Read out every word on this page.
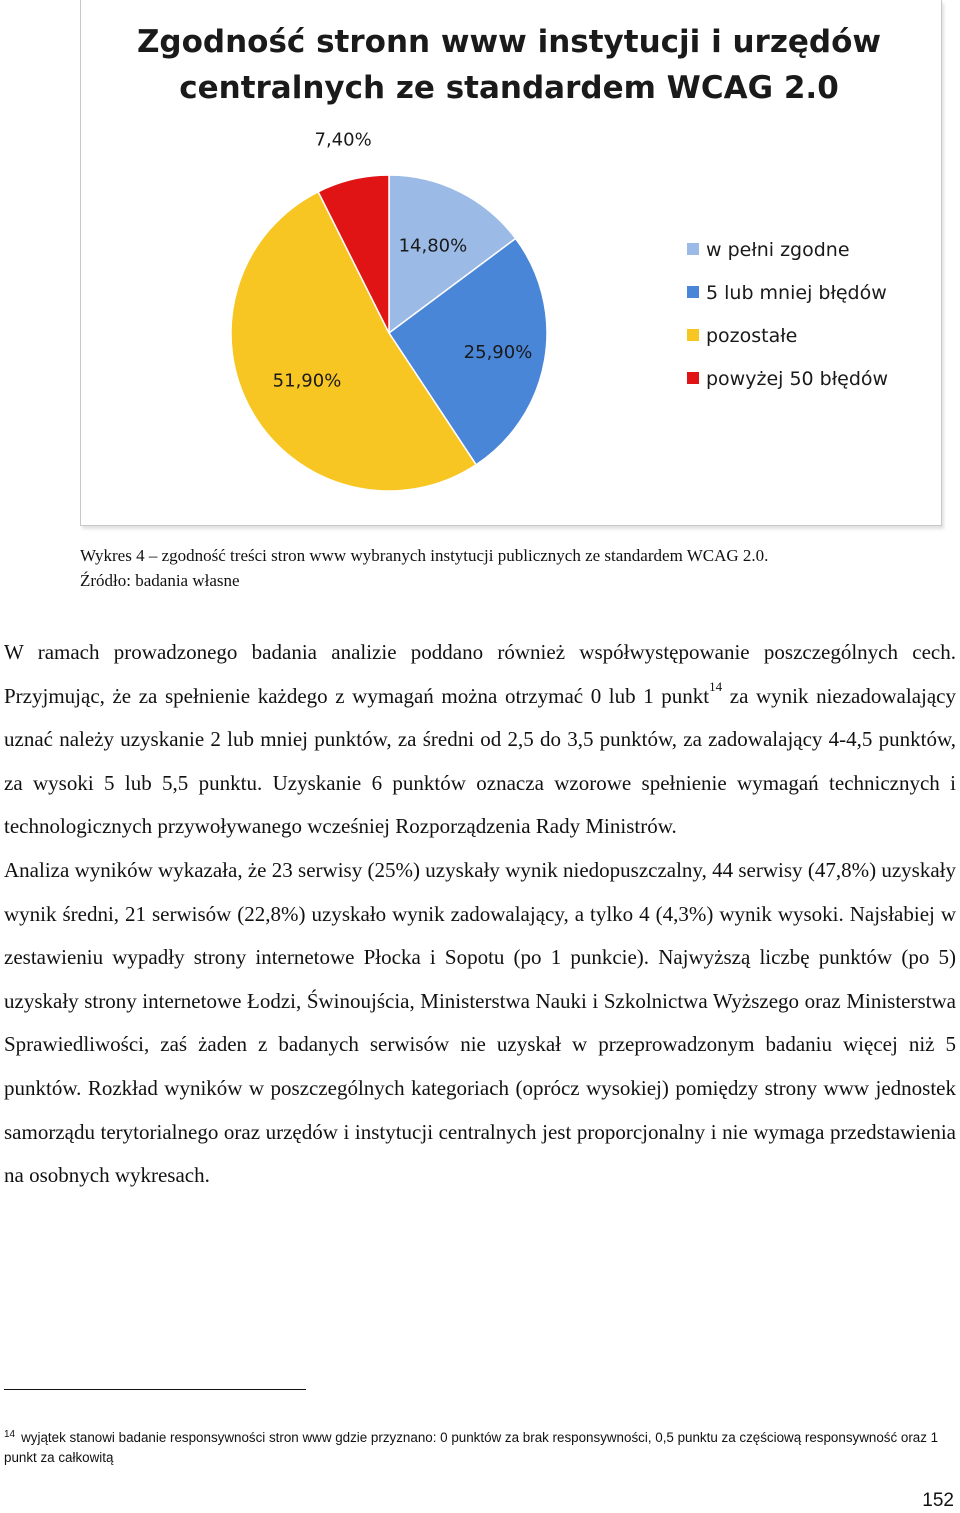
Zgodność stronn www instytucji i urzędów
centralnych ze standardem WCAG 2.0
14,80%
25,90%
51,90%
7,40%
w pełni zgodne
5 lub mniej błędów
pozostałe
powyżej 50 błędów

Wykres 4 – zgodność treści stron www wybranych instytucji publicznych ze standardem WCAG 2.0.

Źródło: badania własne

W ramach prowadzonego badania analizie poddano również współwystępowanie poszczególnych cech. Przyjmując, że za spełnienie każdego z wymagań można otrzymać 0 lub 1 punkt$^{14}$ za wynik niezadowalający uznać należy uzyskanie 2 lub mniej punktów, za średni od 2,5 do 3,5 punktów, za zadowalający 4-4,5 punktów, za wysoki 5 lub 5,5 punktu. Uzyskanie 6 punktów oznacza wzorowe spełnienie wymagań technicznych i technologicznych przywoływanego wcześniej Rozporządzenia Rady Ministrów.

Analiza wyników wykazała, że 23 serwisy (25%) uzyskały wynik niedopuszczalny, 44 serwisy (47,8%) uzyskały wynik średni, 21 serwisów (22,8%) uzyskało wynik zadowalający, a tylko 4 (4,3%) wynik wysoki. Najsłabiej w zestawieniu wypadły strony internetowe Płocka i Sopotu (po 1 punkcie). Najwyższą liczbę punktów (po 5) uzyskały strony internetowe Łodzi, Świnoujścia, Ministerstwa Nauki i Szkolnictwa Wyższego oraz Ministerstwa Sprawiedliwości, zaś żaden z badanych serwisów nie uzyskał w przeprowadzonym badaniu więcej niż 5 punktów. Rozkład wyników w poszczególnych kategoriach (oprócz wysokiej) pomiędzy strony www jednostek samorządu terytorialnego oraz urzędów i instytucji centralnych jest proporcjonalny i nie wymaga przedstawienia na osobnych wykresach.

$^{14}$ wyjątek stanowi badanie responsywności stron www gdzie przyznano: 0 punktów za brak responsywności, 0,5 punktu za częściową responsywność oraz 1 punkt za całkowitą
152
